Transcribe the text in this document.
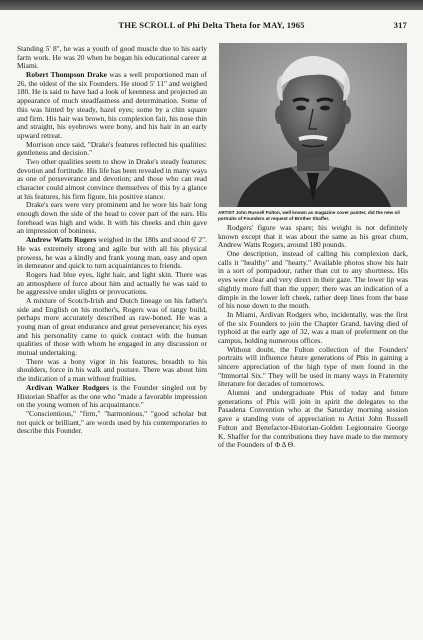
THE SCROLL of Phi Delta Theta for MAY, 1965	317

Standing 5' 8", he was a youth of good muscle due to his early farm work. He was 20 when he began his educational career at Miami.

Robert Thompson Drake was a well proportioned man of 26, the oldest of the six Founders. He stood 5' 11" and weighed 180. He is said to have had a look of keenness and projected an appearance of much steadfastness and determination. Some of this was hinted by steady, hazel eyes; some by a chin square and firm. His hair was brown, his complexion fair, his nose thin and straight, his eyebrows were bony, and his hair in an early upward retreat.

Morrison once said, "Drake's features reflected his qualities: gentleness and decision."

Two other qualities seem to show in Drake's steady features: devotion and fortitude. His life has been revealed in many ways as one of perseverance and devotion; and those who can read character could almost convince themselves of this by a glance at his features, his firm figure, his positive stance.

Drake's ears were very prominent and he wore his hair long enough down the side of the head to cover part of the ears. His forehead was high and wide. It with his cheeks and chin gave an impression of boniness.

Andrew Watts Rogers weighed in the 180s and stood 6' 2". He was extremely strong and agile but with all his physical prowess, he was a kindly and frank young man, easy and open in demeanor and quick to turn acquaintances to friends.

Rogers had blue eyes, light hair, and light skin. There was an atmosphere of force about him and actually he was said to be aggressive under slights or provocations.

A mixture of Scotch-Irish and Dutch lineage on his father's side and English on his mother's, Rogers was of rangy build, perhaps more accurately described as raw-boned. He was a young man of great endurance and great perseverance; his eyes and his personality came to quick contact with the human qualities of those with whom he engaged in any discussion or mutual undertaking.

There was a bony vigor in his features, breadth to his shoulders, force in his walk and posture. There was about him the indication of a man without frailties.

Ardivan Walker Rodgers is the Founder singled out by Historian Shaffer as the one who "made a favorable impression on the young women of his acquaintance."

"Conscientious," "firm," "harmonious," "good scholar but not quick or brilliant," are words used by his contemporaries to describe this Founder.

ARTIST John Russell Fulton, well known as magazine cover painter, did the new oil portraits of Founders at request of Brother Shaffer.

Rodgers' figure was spare; his weight is not definitely known except that it was about the same as his great chum, Andrew Watts Rogers, around 180 pounds.

One description, instead of calling his complexion dark, calls it "healthy" and "hearty." Available photos show his hair in a sort of pompadour, rather than cut to any shortness. His eyes were clear and very direct in their gaze. The lower lip was slightly more full than the upper; there was an indication of a dimple in the lower left cheek, rather deep lines from the base of his nose down to the mouth.

In Miami, Ardivan Rodgers who, incidentally, was the first of the six Founders to join the Chapter Grand, having died of typhoid at the early age of 32, was a man of preferment on the campus, holding numerous offices.

Without doubt, the Fulton collection of the Founders' portraits will influence future generations of Phis in gaining a sincere appreciation of the high type of men found in the "Immortal Six." They will be used in many ways in Fraternity literature for decades of tomorrows.

Alumni and undergraduate Phis of today and future generations of Phis will join in spirit the delegates to the Pasadena Convention who at the Saturday morning session gave a standing vote of appreciation to Artist John Russell Fulton and Benefactor-Historian-Golden Legionnaire George K. Shaffer for the contributions they have made to the memory of the Founders of Φ Δ Θ.
